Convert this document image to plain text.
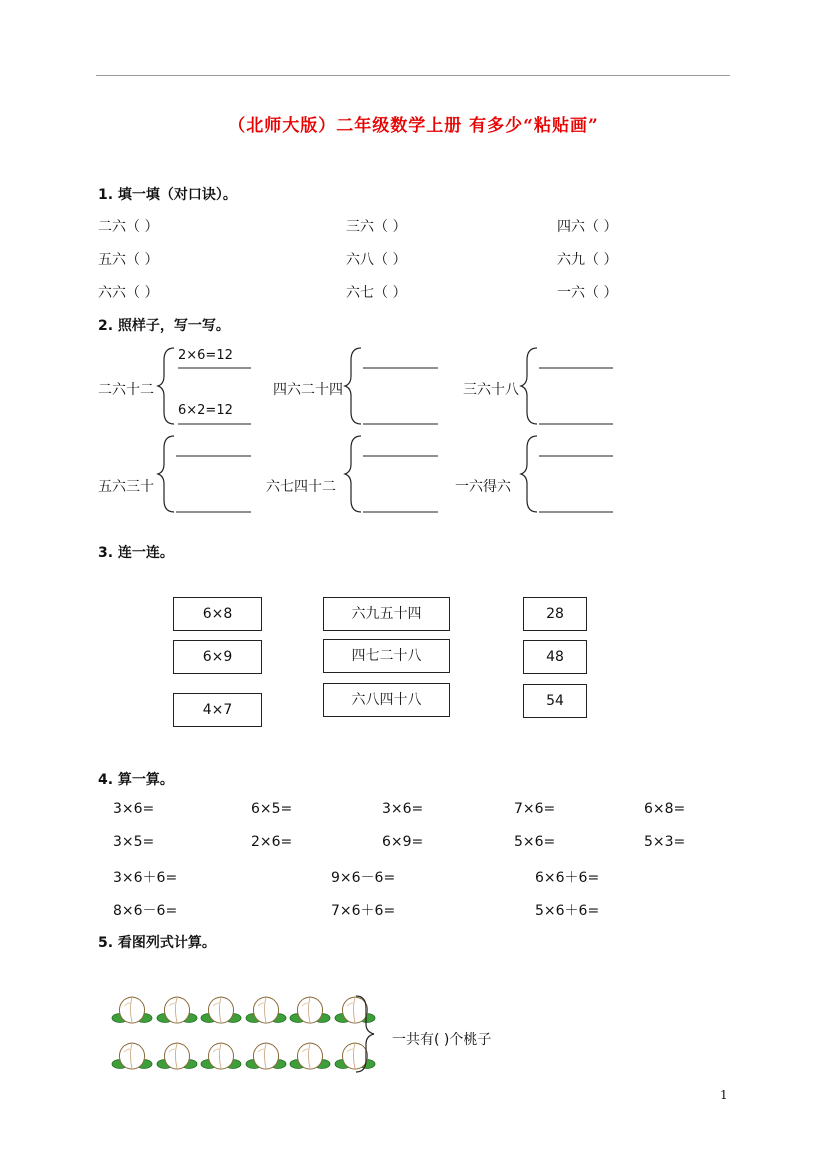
（北师大版）二年级数学上册 有多少“粘贴画”
1. 填一填（对口诀）。
二六（ ）	三六（ ）	四六（ ）
五六（ ）	六八（ ）	六九（ ）
六六（ ）	六七（ ）	一六（ ）
2. 照样子，写一写。
二六十二
2×6=12
6×2=12
四六二十四	三六十八
五六三十	六七四十二	一六得六
3. 连一连。
6×8
6×9
4×7
六九五十四
四七二十八
六八四十八
28
48
54
4. 算一算。
3×6=	6×5=	3×6=	7×6=	6×8=
3×5=	2×6=	6×9=	5×6=	5×3=
3×6＋6=	9×6－6=	6×6＋6=
8×6－6=	7×6＋6=	5×6＋6=
5. 看图列式计算。
一共有( )个桃子
1
